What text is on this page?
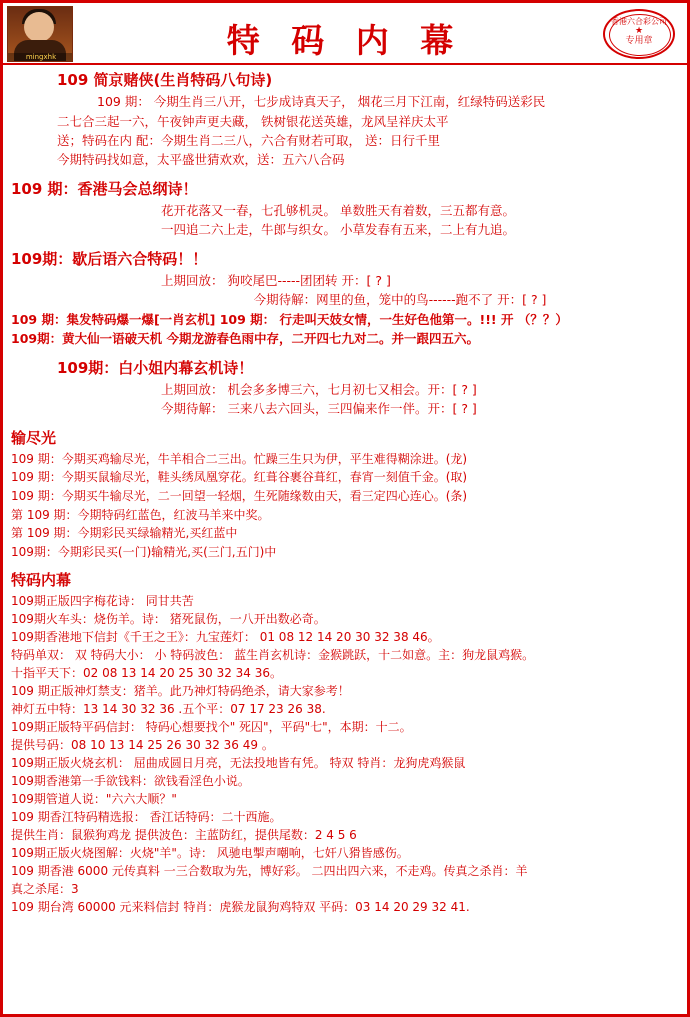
mingxhk	特 码 内 幕	香港六合彩公司
★
专用章
109 简京赌侠(生肖特码八句诗)
109 期： 今期生肖三八开，七步成诗真天子， 烟花三月下江南，红绿特码送彩民
二七合三起一六，午夜钟声更夫藏， 铁树银花送英雄，龙风呈祥庆太平
送；特码在内 配：今期生肖二三八，六合有财若可取， 送：日行千里
今期特码找如意，太平盛世猜欢欢，送：五六八合码
109 期：香港马会总纲诗！
花开花落又一春，七孔够机灵。 单数胜天有着数，三五都有意。
一四追二六上走，牛郎与织女。 小草发春有五来，二上有九追。
109期：歇后语六合特码！！
上期回放： 狗咬尾巴-----团团转 开：[ ? ]
今期待解：网里的鱼，笼中的鸟------跑不了 开：[ ? ]
109 期：集发特码爆一爆[一肖玄机] 109 期： 行走叫天妓女情，一生好色他第一。!!! 开 （？？）
109期：黄大仙一语破天机 今期龙游春色雨中存，二开四七九对二。并一跟四五六。
109期：白小姐内幕玄机诗！
上期回放： 机会多多博三六，七月初七又相会。开：[ ? ]
今期待解： 三来八去六回头，三四偏来作一伴。开：[ ? ]
输尽光
109 期：今期买鸡输尽光，牛羊相合二三出。忙躁三生只为伊，平生难得糊涂进。(龙)
109 期：今期买鼠输尽光，鞋头绣凤凰穿花。红葺谷裹谷葺红，春宵一刻值千金。(取)
109 期：今期买牛输尽光，二一回望一轻烟，生死随缘数由天，看三定四心连心。(条)
第 109 期：今期特码红蓝色，红波马羊来中奖。
第 109 期：今期彩民买绿输精光,买红蓝中
109期：今期彩民买(一门)输精光,买(三门,五门)中
特码内幕
109期正版四字梅花诗： 同甘共苦
109期火车头：烧伤羊。诗： 猪死鼠伤，一八开出数必奇。
109期香港地下信封《千王之王》：九宝莲灯： 01 08 12 14 20 30 32 38 46。
特码单双： 双 特码大小： 小 特码波色： 蓝生肖玄机诗：金猴跳跃，十二如意。主：狗龙鼠鸡猴。
十指平天下：02 08 13 14 20 25 30 32 34 36。
109 期正版神灯禁支：猪羊。此乃神灯特码绝杀，请大家参考！
神灯五中特：13 14 30 32 36 .五个平：07 17 23 26 38.
109期正版特平码信封： 特码心想要找个" 死囚"，平码"七"，本期：十二。
提供号码：08 10 13 14 25 26 30 32 36 49 。
109期正版火烧玄机： 屈曲成圆日月亮，无法投地皆有凭。 特双 特肖：龙狗虎鸡猴鼠
109期香港第一手欲钱料：欲钱看淫色小说。
109期管道人说："六六大顺？"
109 期香江特码精选报： 香江话特码：二十西施。
提供生肖：鼠猴狗鸡龙 提供波色：主蓝防红，提供尾数：2 4 5 6
109期正版火烧图解：火烧"羊"。诗： 风驰电掣声嘲响，七奸八猾皆感伤。
109 期香港 6000 元传真料 一三合数取为先，博好彩。 二四出四六来，不走鸡。传真之杀肖：羊
真之杀尾：3
109 期台湾 60000 元来料信封 特肖：虎猴龙鼠狗鸡特双 平码：03 14 20 29 32 41.
